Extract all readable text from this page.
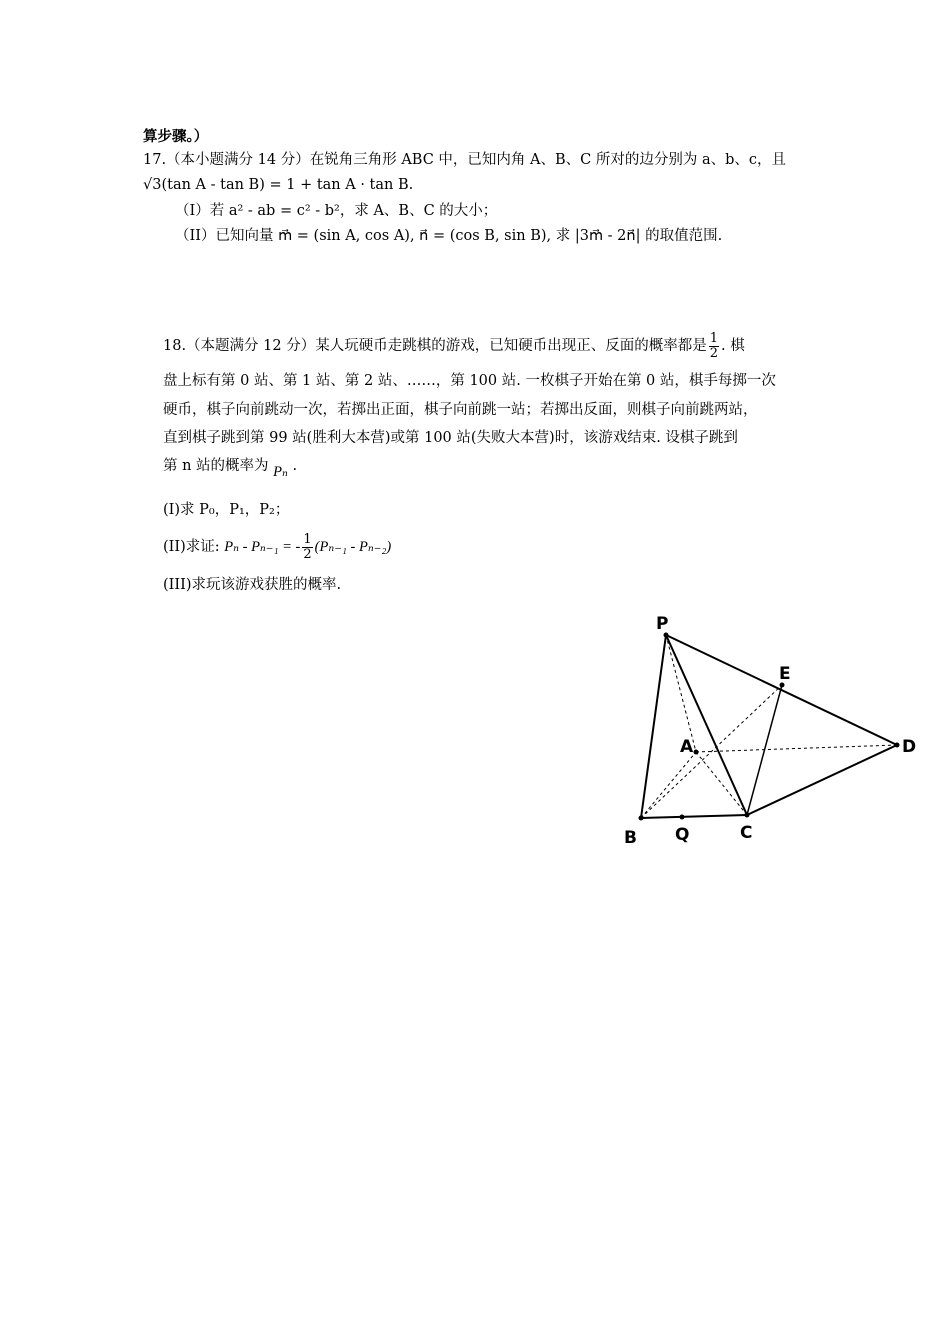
算步骤。）
17.（本小题满分 14 分）在锐角三角形 ABC 中，已知内角 A、B、C 所对的边分别为 a、b、c，且
√3(tan A - tan B) = 1 + tan A · tan B.
（I）若 a² - ab = c² - b²，求 A、B、C 的大小；
（II）已知向量 m⃗ = (sin A, cos A), n⃗ = (cos B, sin B), 求 |3m⃗ - 2n⃗| 的取值范围.
18.（本题满分 12 分）某人玩硬币走跳棋的游戏，已知硬币出现正、反面的概率都是 $\frac{1}{2}$ . 棋
盘上标有第 0 站、第 1 站、第 2 站、……，第 100 站. 一枚棋子开始在第 0 站，棋手每掷一次
硬币，棋子向前跳动一次，若掷出正面，棋子向前跳一站；若掷出反面，则棋子向前跳两站，
直到棋子跳到第 99 站(胜利大本营)或第 100 站(失败大本营)时，该游戏结束. 设棋子跳到
第 n 站的概率为 Pₙ .
(I)求 P₀，P₁，P₂；
(II)求证: Pₙ - Pₙ₋₁ = - $\frac{1}{2} (P_{n-1} - P_{n-2})$
(III)求玩该游戏获胜的概率.
P
E
A	D
B Q	C
